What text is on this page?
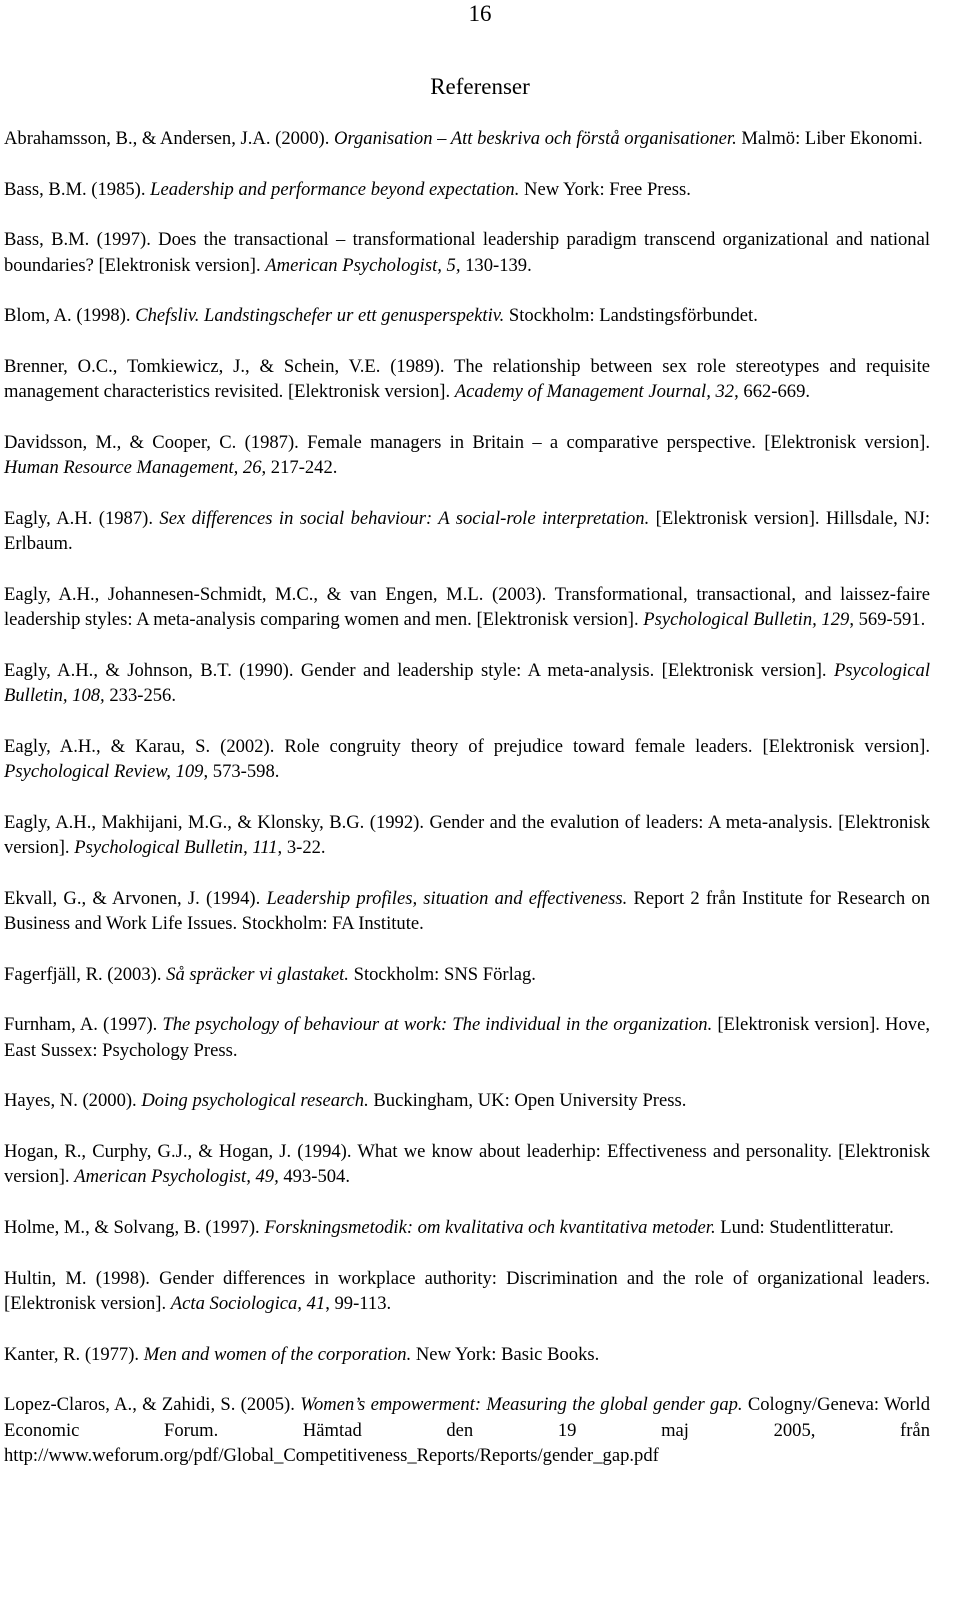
16
Referenser

Abrahamsson, B., & Andersen, J.A. (2000). Organisation – Att beskriva och förstå organisationer. Malmö: Liber Ekonomi.

Bass, B.M. (1985). Leadership and performance beyond expectation. New York: Free Press.

Bass, B.M. (1997). Does the transactional – transformational leadership paradigm transcend organizational and national boundaries? [Elektronisk version]. American Psychologist, 5, 130-139.

Blom, A. (1998). Chefsliv. Landstingschefer ur ett genusperspektiv. Stockholm: Landstingsförbundet.

Brenner, O.C., Tomkiewicz, J., & Schein, V.E. (1989). The relationship between sex role stereotypes and requisite management characteristics revisited. [Elektronisk version]. Academy of Management Journal, 32, 662-669.

Davidsson, M., & Cooper, C. (1987). Female managers in Britain – a comparative perspective. [Elektronisk version]. Human Resource Management, 26, 217-242.

Eagly, A.H. (1987). Sex differences in social behaviour: A social-role interpretation. [Elektronisk version]. Hillsdale, NJ: Erlbaum.

Eagly, A.H., Johannesen-Schmidt, M.C., & van Engen, M.L. (2003). Transformational, transactional, and laissez-faire leadership styles: A meta-analysis comparing women and men. [Elektronisk version]. Psychological Bulletin, 129, 569-591.

Eagly, A.H., & Johnson, B.T. (1990). Gender and leadership style: A meta-analysis. [Elektronisk version]. Psycological Bulletin, 108, 233-256.

Eagly, A.H., & Karau, S. (2002). Role congruity theory of prejudice toward female leaders. [Elektronisk version]. Psychological Review, 109, 573-598.

Eagly, A.H., Makhijani, M.G., & Klonsky, B.G. (1992). Gender and the evalution of leaders: A meta-analysis. [Elektronisk version]. Psychological Bulletin, 111, 3-22.

Ekvall, G., & Arvonen, J. (1994). Leadership profiles, situation and effectiveness. Report 2 från Institute for Research on Business and Work Life Issues. Stockholm: FA Institute.

Fagerfjäll, R. (2003). Så spräcker vi glastaket. Stockholm: SNS Förlag.

Furnham, A. (1997). The psychology of behaviour at work: The individual in the organization. [Elektronisk version]. Hove, East Sussex: Psychology Press.

Hayes, N. (2000). Doing psychological research. Buckingham, UK: Open University Press.

Hogan, R., Curphy, G.J., & Hogan, J. (1994). What we know about leaderhip: Effectiveness and personality. [Elektronisk version]. American Psychologist, 49, 493-504.

Holme, M., & Solvang, B. (1997). Forskningsmetodik: om kvalitativa och kvantitativa metoder. Lund: Studentlitteratur.

Hultin, M. (1998). Gender differences in workplace authority: Discrimination and the role of organizational leaders. [Elektronisk version]. Acta Sociologica, 41, 99-113.

Kanter, R. (1977). Men and women of the corporation. New York: Basic Books.

Lopez-Claros, A., & Zahidi, S. (2005). Women’s empowerment: Measuring the global gender gap. Cologny/Geneva: World Economic Forum. Hämtad den 19 maj 2005, från http://www.weforum.org/pdf/Global_Competitiveness_Reports/Reports/gender_gap.pdf
